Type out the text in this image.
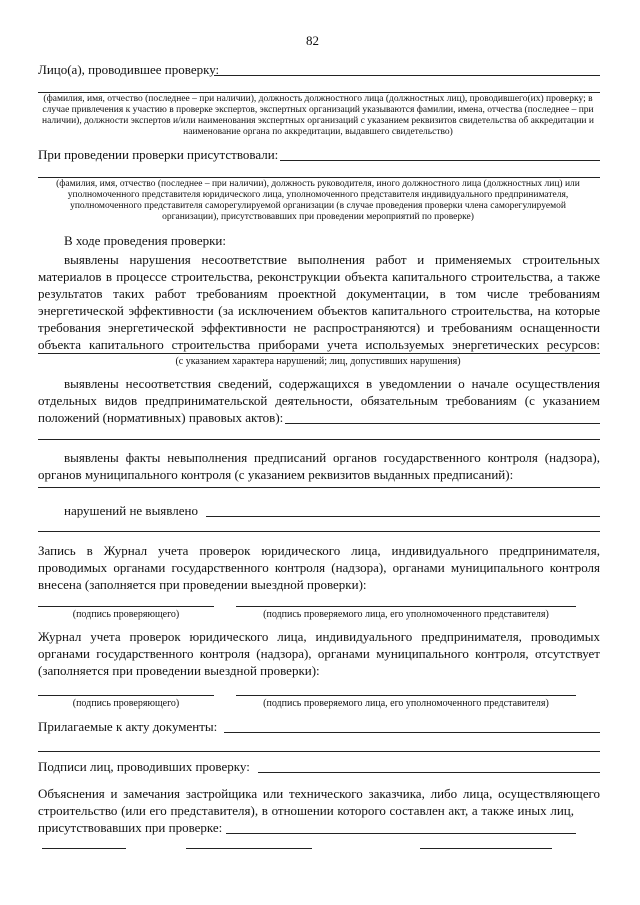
82
Лицо(а), проводившее проверку:
(фамилия, имя, отчество (последнее – при наличии), должность должностного лица (должностных лиц), проводившего(их) проверку; в
случае привлечения к участию в проверке экспертов, экспертных организаций указываются фамилии, имена, отчества (последнее – при
наличии), должности экспертов и/или наименования экспертных организаций с указанием реквизитов свидетельства об аккредитации и
наименование органа по аккредитации, выдавшего свидетельство)
При проведении проверки присутствовали:
(фамилия, имя, отчество (последнее – при наличии), должность руководителя, иного должностного лица (должностных лиц) или
уполномоченного представителя юридического лица, уполномоченного представителя индивидуального предпринимателя,
уполномоченного представителя саморегулируемой организации (в случае проведения проверки члена саморегулируемой
организации), присутствовавших при проведении мероприятий по проверке)
В ходе проведения проверки:
выявлены нарушения несоответствие выполнения работ и применяемых строительных
материалов в процессе строительства, реконструкции объекта капитального строительства, а также
результатов таких работ требованиям проектной документации, в том числе требованиям
энергетической эффективности (за исключением объектов капитального строительства, на которые
требования энергетической эффективности не распространяются) и требованиям оснащенности
объекта капитального строительства приборами учета используемых энергетических ресурсов:
(с указанием характера нарушений; лиц, допустивших нарушения)
выявлены несоответствия сведений, содержащихся в уведомлении о начале осуществления
отдельных видов предпринимательской деятельности, обязательным требованиям (с указанием
положений (нормативных) правовых актов):
выявлены факты невыполнения предписаний органов государственного контроля (надзора),
органов муниципального контроля (с указанием реквизитов выданных предписаний):
нарушений не выявлено
Запись в Журнал учета проверок юридического лица, индивидуального предпринимателя,
проводимых органами государственного контроля (надзора), органами муниципального контроля
внесена (заполняется при проведении выездной проверки):
(подпись проверяющего)	(подпись проверяемого лица, его уполномоченного представителя)
Журнал учета проверок юридического лица, индивидуального предпринимателя, проводимых
органами государственного контроля (надзора), органами муниципального контроля, отсутствует
(заполняется при проведении выездной проверки):
(подпись проверяющего)	(подпись проверяемого лица, его уполномоченного представителя)
Прилагаемые к акту документы:
Подписи лиц, проводивших проверку:
Объяснения и замечания застройщика или технического заказчика, либо лица, осуществляющего
строительство (или его представителя), в отношении которого составлен акт, а также иных лиц,
присутствовавших при проверке:
